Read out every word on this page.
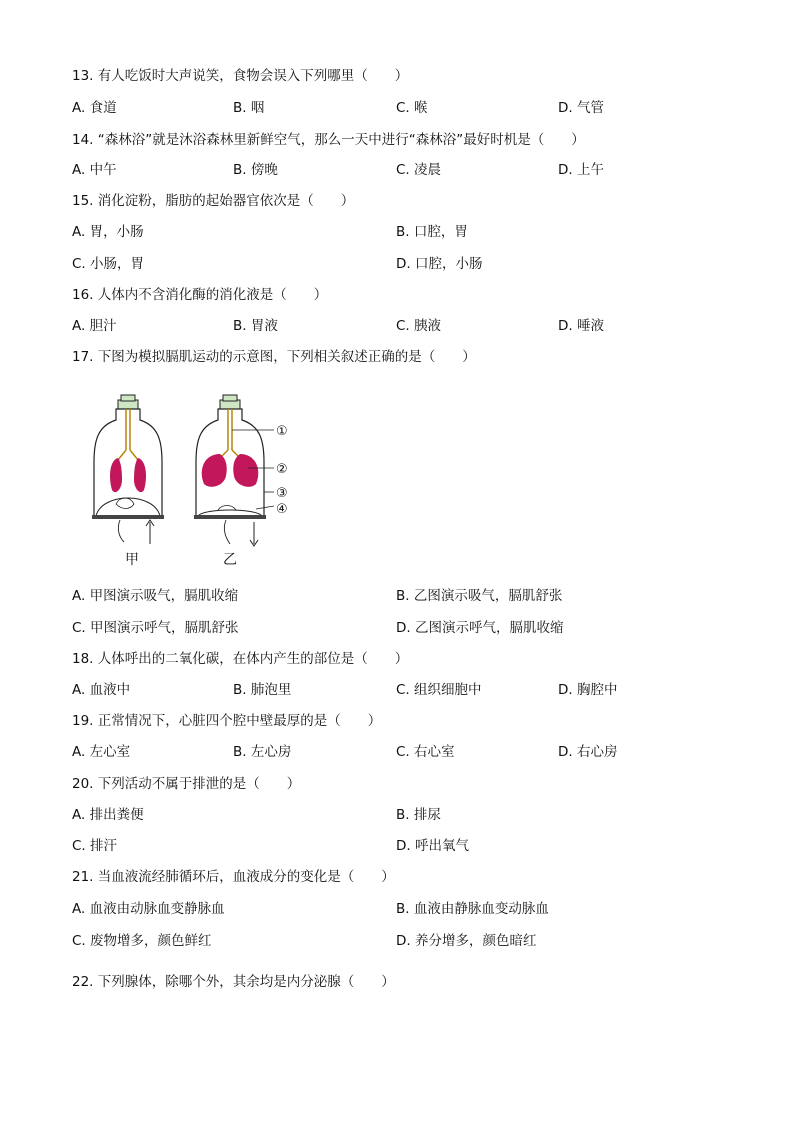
13. 有人吃饭时大声说笑，食物会误入下列哪里（　　）
A. 食道	B. 咽	C. 喉	D. 气管
14. “森林浴”就是沐浴森林里新鲜空气，那么一天中进行“森林浴”最好时机是（　　）
A. 中午	B. 傍晚	C. 凌晨	D. 上午
15. 消化淀粉，脂肪的起始器官依次是（　　）
A. 胃，小肠	B. 口腔，胃
C. 小肠，胃	D. 口腔，小肠
16. 人体内不含消化酶的消化液是（　　）
A. 胆汁	B. 胃液	C. 胰液	D. 唾液
17. 下图为模拟膈肌运动的示意图，下列相关叙述正确的是（　　）
甲
①
②
③
④
乙
A. 甲图演示吸气，膈肌收缩	B. 乙图演示吸气，膈肌舒张
C. 甲图演示呼气，膈肌舒张	D. 乙图演示呼气，膈肌收缩
18. 人体呼出的二氧化碳，在体内产生的部位是（　　）
A. 血液中	B. 肺泡里	C. 组织细胞中	D. 胸腔中
19. 正常情况下，心脏四个腔中壁最厚的是（　　）
A. 左心室	B. 左心房	C. 右心室	D. 右心房
20. 下列活动不属于排泄的是（　　）
A. 排出粪便	B. 排尿
C. 排汗	D. 呼出氧气
21. 当血液流经肺循环后，血液成分的变化是（　　）
A. 血液由动脉血变静脉血	B. 血液由静脉血变动脉血
C. 废物增多，颜色鲜红	D. 养分增多，颜色暗红
22. 下列腺体，除哪个外，其余均是内分泌腺（　　）
